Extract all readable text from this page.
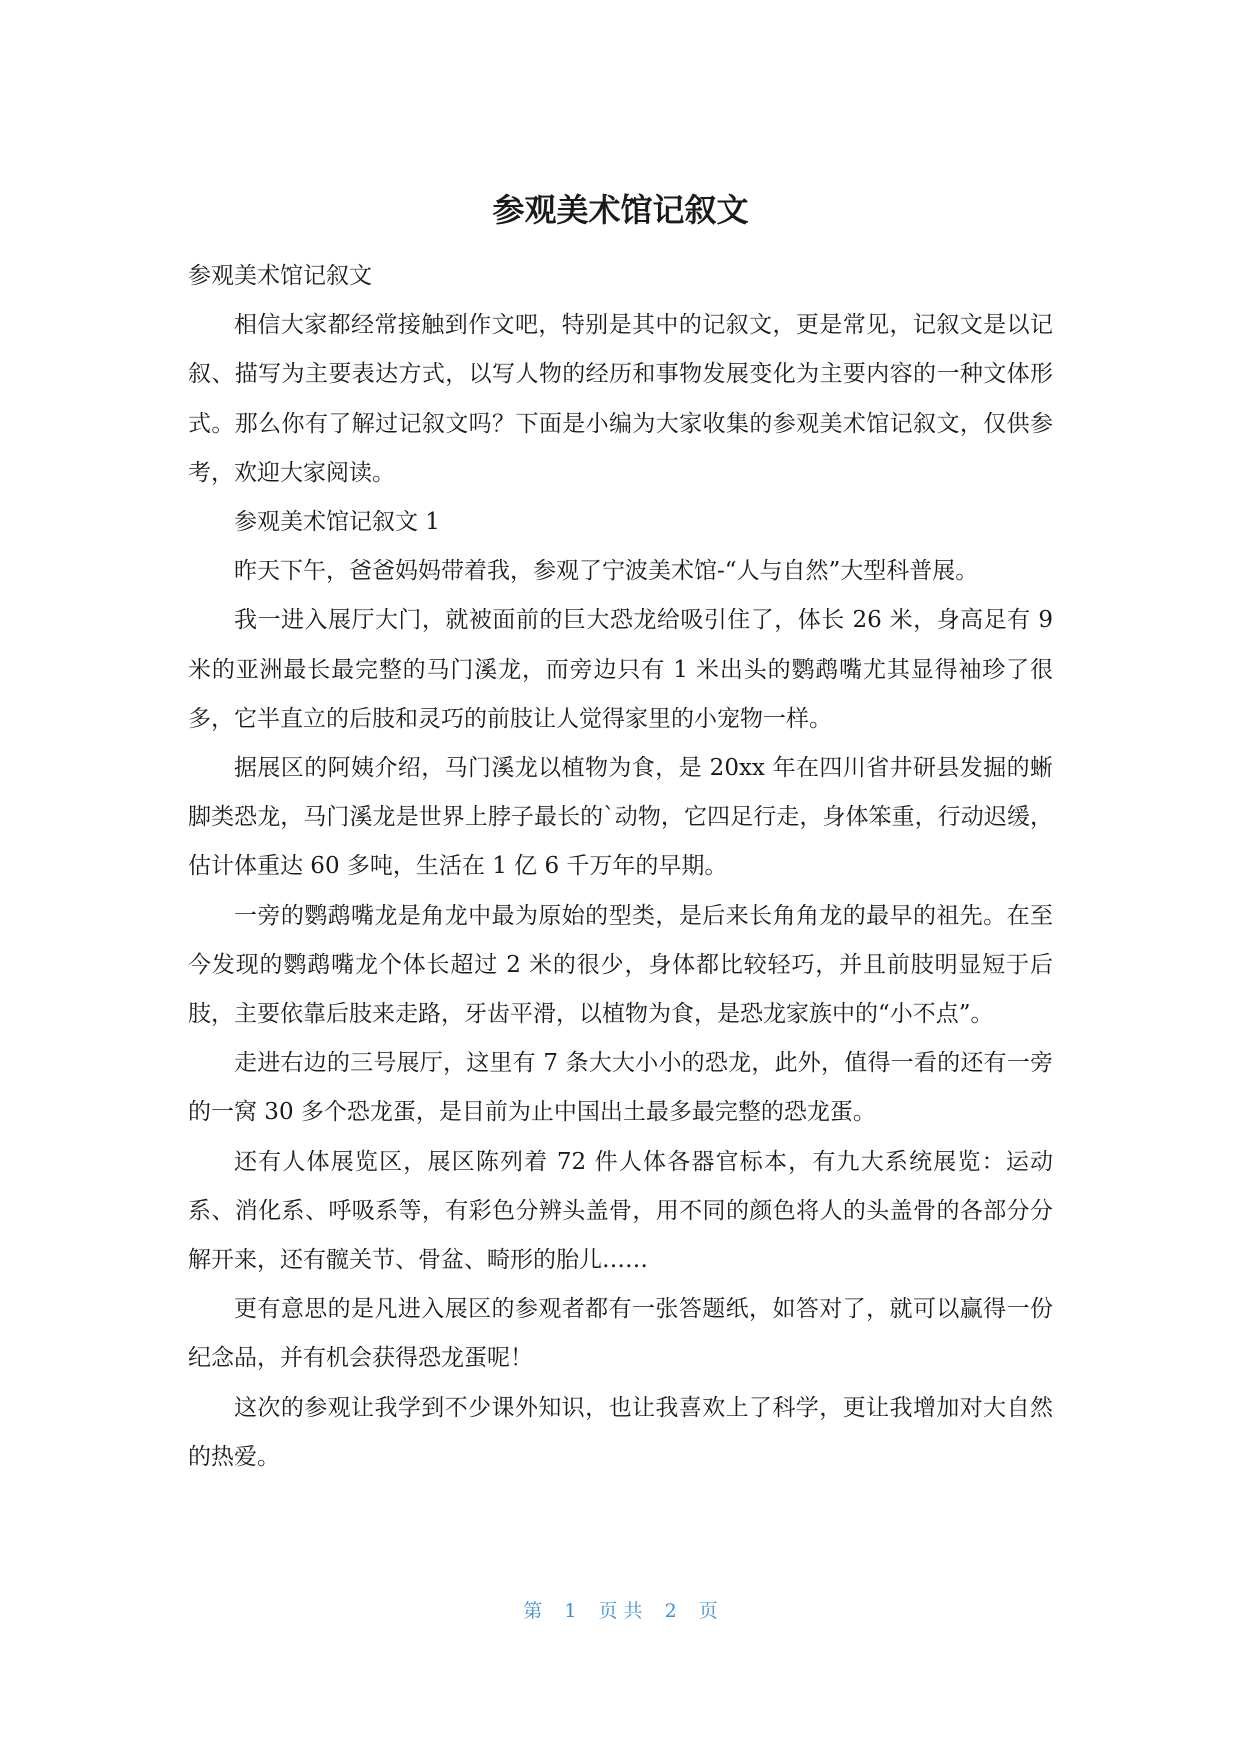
参观美术馆记叙文

参观美术馆记叙文

相信大家都经常接触到作文吧，特别是其中的记叙文，更是常见，记叙文是以记叙、描写为主要表达方式，以写人物的经历和事物发展变化为主要内容的一种文体形式。那么你有了解过记叙文吗？下面是小编为大家收集的参观美术馆记叙文，仅供参考，欢迎大家阅读。

参观美术馆记叙文 1

昨天下午，爸爸妈妈带着我，参观了宁波美术馆-“人与自然”大型科普展。

我一进入展厅大门，就被面前的巨大恐龙给吸引住了，体长 26 米，身高足有 9 米的亚洲最长最完整的马门溪龙，而旁边只有 1 米出头的鹦鹉嘴尤其显得袖珍了很多，它半直立的后肢和灵巧的前肢让人觉得家里的小宠物一样。

据展区的阿姨介绍，马门溪龙以植物为食，是 20xx 年在四川省井研县发掘的蜥脚类恐龙，马门溪龙是世界上脖子最长的`动物，它四足行走，身体笨重，行动迟缓，估计体重达 60 多吨，生活在 1 亿 6 千万年的早期。

一旁的鹦鹉嘴龙是角龙中最为原始的型类，是后来长角角龙的最早的祖先。在至今发现的鹦鹉嘴龙个体长超过 2 米的很少，身体都比较轻巧，并且前肢明显短于后肢，主要依靠后肢来走路，牙齿平滑，以植物为食，是恐龙家族中的“小不点”。

走进右边的三号展厅，这里有 7 条大大小小的恐龙，此外，值得一看的还有一旁的一窝 30 多个恐龙蛋，是目前为止中国出土最多最完整的恐龙蛋。

还有人体展览区，展区陈列着 72 件人体各器官标本，有九大系统展览：运动系、消化系、呼吸系等，有彩色分辨头盖骨，用不同的颜色将人的头盖骨的各部分分解开来，还有髋关节、骨盆、畸形的胎儿……

更有意思的是凡进入展区的参观者都有一张答题纸，如答对了，就可以赢得一份纪念品，并有机会获得恐龙蛋呢！

这次的参观让我学到不少课外知识，也让我喜欢上了科学，更让我增加对大自然的热爱。

第 1 页 共 2 页
